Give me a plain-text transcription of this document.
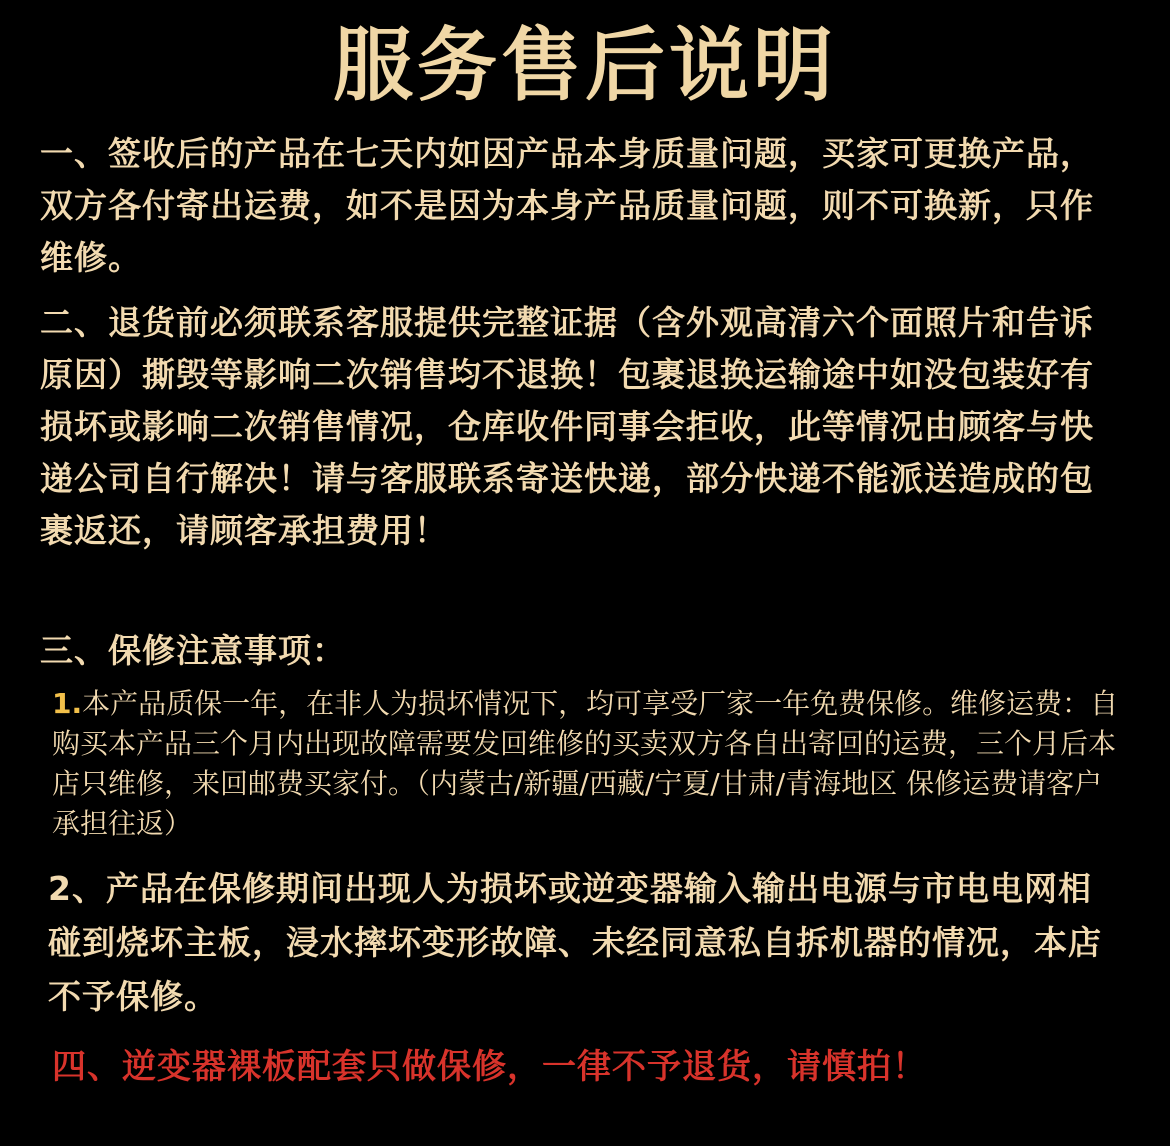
服务售后说明
一、签收后的产品在七天内如因产品本身质量问题，买家可更换产品，双方各付寄出运费，如不是因为本身产品质量问题，则不可换新，只作维修。
二、退货前必须联系客服提供完整证据（含外观高清六个面照片和告诉原因）撕毁等影响二次销售均不退换！包裹退换运输途中如没包装好有损坏或影响二次销售情况，仓库收件同事会拒收，此等情况由顾客与快递公司自行解决！请与客服联系寄送快递，部分快递不能派送造成的包裹返还，请顾客承担费用！
三、保修注意事项：
1.本产品质保一年，在非人为损坏情况下，均可享受厂家一年免费保修。维修运费：自购买本产品三个月内出现故障需要发回维修的买卖双方各自出寄回的运费，三个月后本店只维修，来回邮费买家付。（内蒙古/新疆/西藏/宁夏/甘肃/青海地区 保修运费请客户承担往返）
2、产品在保修期间出现人为损坏或逆变器输入输出电源与市电电网相碰到烧坏主板，浸水摔坏变形故障、未经同意私自拆机器的情况，本店不予保修。
四、逆变器裸板配套只做保修，一律不予退货，请慎拍！
